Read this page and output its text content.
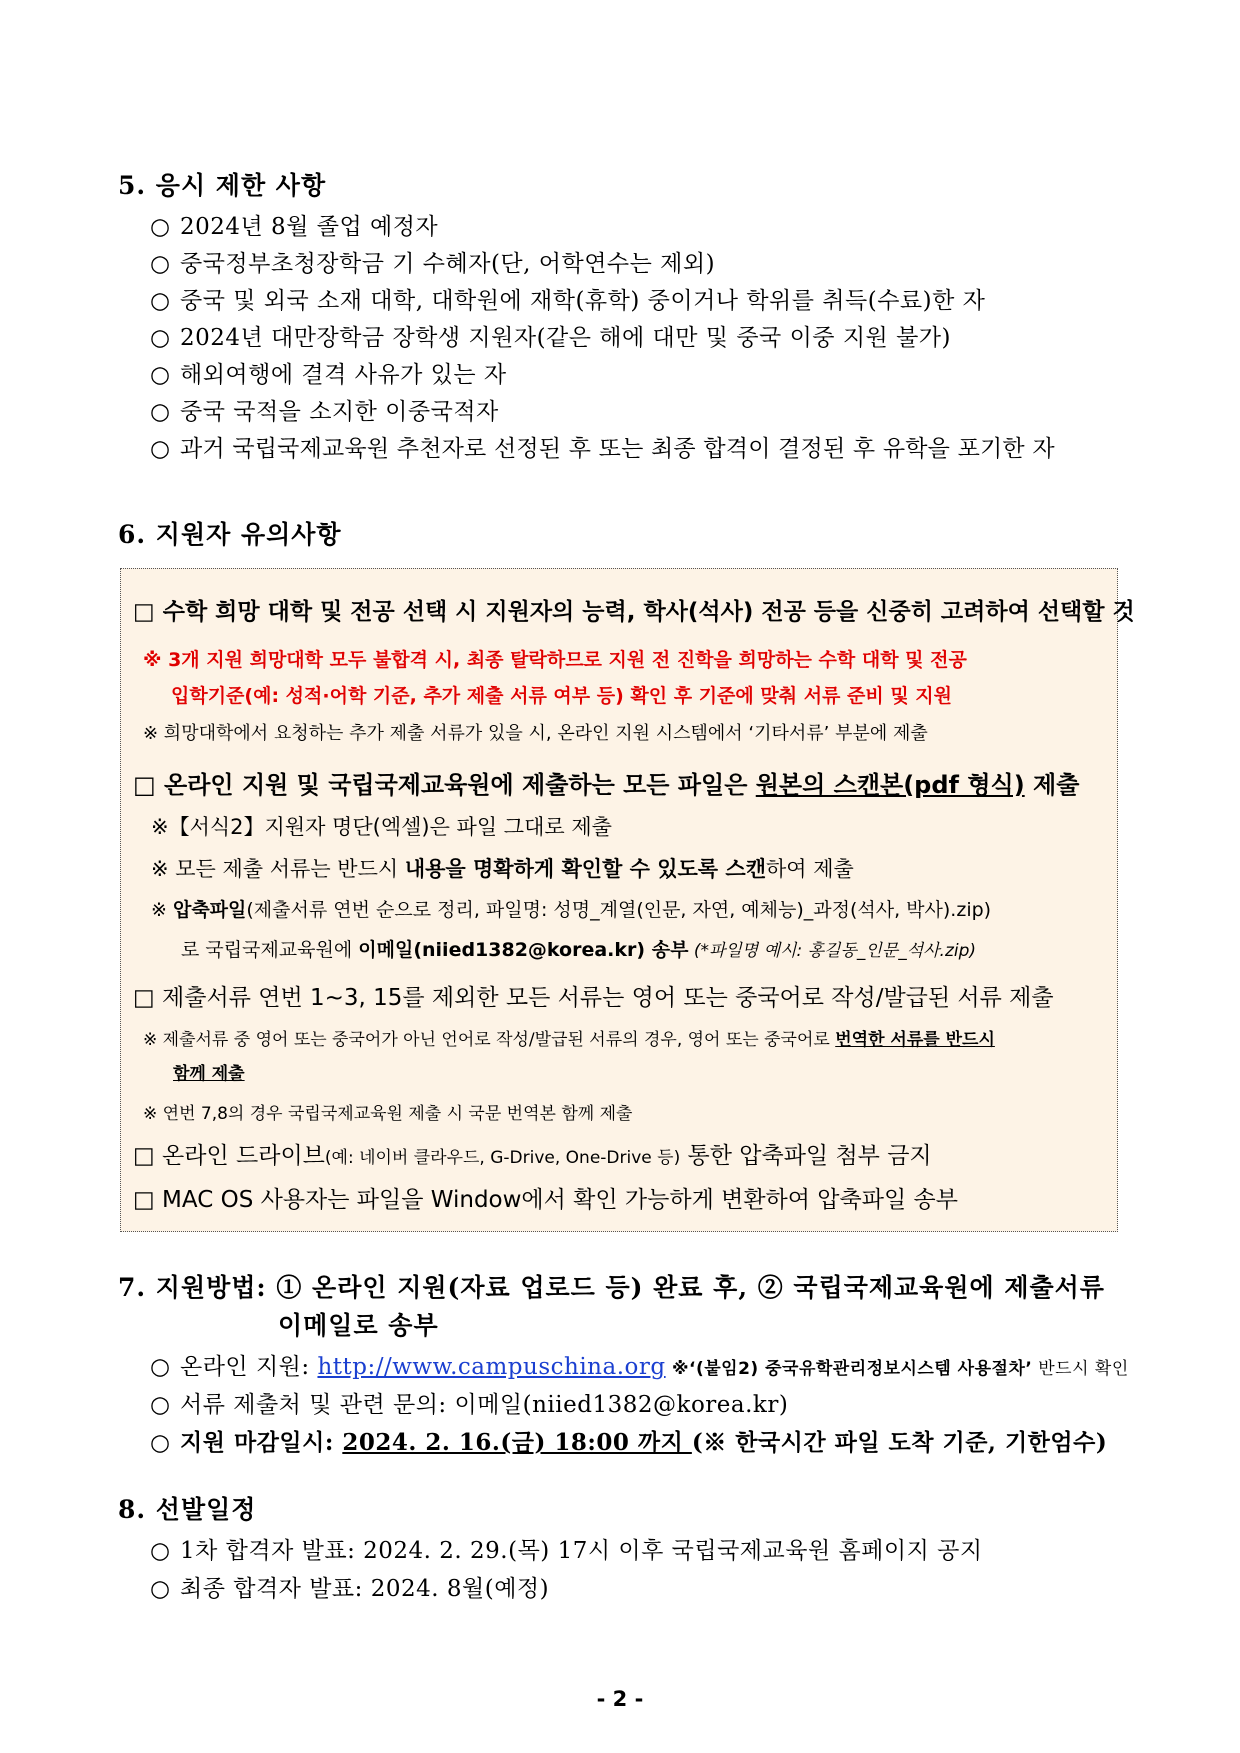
5. 응시 제한 사항
○ 2024년 8월 졸업 예정자
○ 중국정부초청장학금 기 수혜자(단, 어학연수는 제외)
○ 중국 및 외국 소재 대학, 대학원에 재학(휴학) 중이거나 학위를 취득(수료)한 자
○ 2024년 대만장학금 장학생 지원자(같은 해에 대만 및 중국 이중 지원 불가)
○ 해외여행에 결격 사유가 있는 자
○ 중국 국적을 소지한 이중국적자
○ 과거 국립국제교육원 추천자로 선정된 후 또는 최종 합격이 결정된 후 유학을 포기한 자
6. 지원자 유의사항
□ 수학 희망 대학 및 전공 선택 시 지원자의 능력, 학사(석사) 전공 등을 신중히 고려하여 선택할 것
※ 3개 지원 희망대학 모두 불합격 시, 최종 탈락하므로 지원 전 진학을 희망하는 수학 대학 및 전공
입학기준(예: 성적·어학 기준, 추가 제출 서류 여부 등) 확인 후 기준에 맞춰 서류 준비 및 지원
※ 희망대학에서 요청하는 추가 제출 서류가 있을 시, 온라인 지원 시스템에서 ‘기타서류’ 부분에 제출
□ 온라인 지원 및 국립국제교육원에 제출하는 모든 파일은 원본의 스캔본(pdf 형식) 제출
※【서식2】지원자 명단(엑셀)은 파일 그대로 제출
※ 모든 제출 서류는 반드시 내용을 명확하게 확인할 수 있도록 스캔하여 제출
※ 압축파일(제출서류 연번 순으로 정리, 파일명: 성명_계열(인문, 자연, 예체능)_과정(석사, 박사).zip)
로 국립국제교육원에 이메일(niied1382@korea.kr) 송부 (*파일명 예시: 홍길동_인문_석사.zip)
□ 제출서류 연번 1~3, 15를 제외한 모든 서류는 영어 또는 중국어로 작성/발급된 서류 제출
※ 제출서류 중 영어 또는 중국어가 아닌 언어로 작성/발급된 서류의 경우, 영어 또는 중국어로 번역한 서류를 반드시
함께 제출
※ 연번 7,8의 경우 국립국제교육원 제출 시 국문 번역본 함께 제출
□ 온라인 드라이브(예: 네이버 클라우드, G-Drive, One-Drive 등) 통한 압축파일 첨부 금지
□ MAC OS 사용자는 파일을 Window에서 확인 가능하게 변환하여 압축파일 송부
7. 지원방법: ① 온라인 지원(자료 업로드 등) 완료 후, ② 국립국제교육원에 제출서류
이메일로 송부
○ 온라인 지원: http://www.campuschina.org ※‘(붙임2) 중국유학관리정보시스템 사용절차’ 반드시 확인
○ 서류 제출처 및 관련 문의: 이메일(niied1382@korea.kr)
○ 지원 마감일시: 2024. 2. 16.(금) 18:00 까지 (※ 한국시간 파일 도착 기준, 기한엄수)
8. 선발일정
○ 1차 합격자 발표: 2024. 2. 29.(목) 17시 이후 국립국제교육원 홈페이지 공지
○ 최종 합격자 발표: 2024. 8월(예정)
- 2 -
